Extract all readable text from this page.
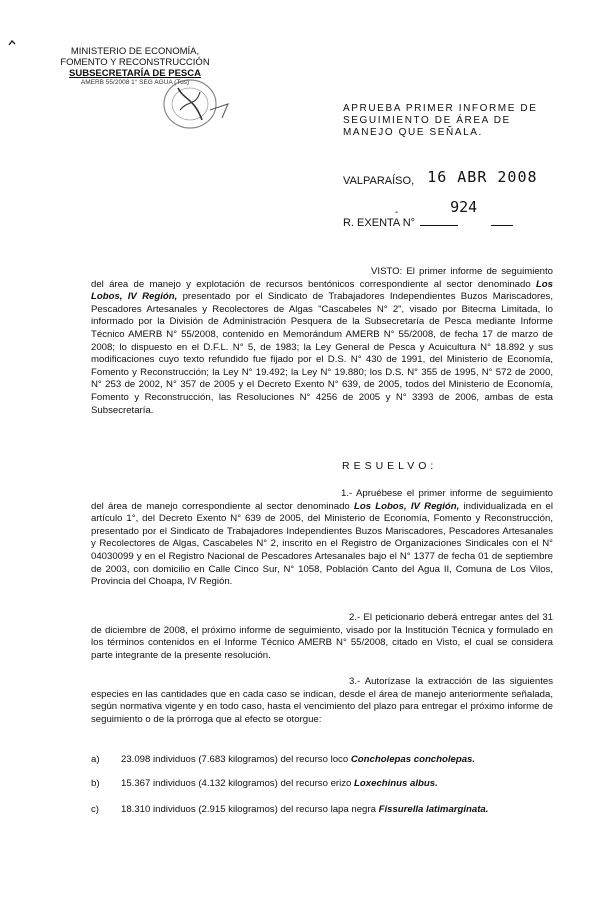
MINISTERIO DE ECONOMÍA,
FOMENTO Y RECONSTRUCCIÓN
SUBSECRETARÍA DE PESCA
AMERB 55/2008 1° SEG AGUA (Tus)
APRUEBA PRIMER INFORME DE SEGUIMIENTO DE ÁREA DE MANEJO QUE SEÑALA.
VALPARAÍSO, 16 ABR 2008
-
R. EXENTA N° 924
VISTO: El primer informe de seguimiento del área de manejo y explotación de recursos bentónicos correspondiente al sector denominado Los Lobos, IV Región, presentado por el Sindicato de Trabajadores Independientes Buzos Mariscadores, Pescadores Artesanales y Recolectores de Algas "Cascabeles N° 2", visado por Bitecma Limitada, lo informado por la División de Administración Pesquera de la Subsecretaría de Pesca mediante Informe Técnico AMERB N° 55/2008, contenido en Memorándum AMERB N° 55/2008, de fecha 17 de marzo de 2008; lo dispuesto en el D.F.L. N° 5, de 1983; la Ley General de Pesca y Acuicultura N° 18.892 y sus modificaciones cuyo texto refundido fue fijado por el D.S. N° 430 de 1991, del Ministerio de Economía, Fomento y Reconstrucción; la Ley N° 19.492; la Ley N° 19.880; los D.S. N° 355 de 1995, N° 572 de 2000, N° 253 de 2002, N° 357 de 2005 y el Decreto Exento N° 639, de 2005, todos del Ministerio de Economía, Fomento y Reconstrucción, las Resoluciones N° 4256 de 2005 y N° 3393 de 2006, ambas de esta Subsecretaría.
RESUELVO:
1.- Apruébese el primer informe de seguimiento del área de manejo correspondiente al sector denominado Los Lobos, IV Región, individualizada en el artículo 1°, del Decreto Exento N° 639 de 2005, del Ministerio de Economía, Fomento y Reconstrucción, presentado por el Sindicato de Trabajadores Independientes Buzos Mariscadores, Pescadores Artesanales y Recolectores de Algas, Cascabeles N° 2, inscrito en el Registro de Organizaciones Sindicales con el N° 04030099 y en el Registro Nacional de Pescadores Artesanales bajo el N° 1377 de fecha 01 de septiembre de 2003, con domicilio en Calle Cinco Sur, N° 1058, Población Canto del Agua II, Comuna de Los Vilos, Provincia del Choapa, IV Región.
2.- El peticionario deberá entregar antes del 31 de diciembre de 2008, el próximo informe de seguimiento, visado por la Institución Técnica y formulado en los términos contenidos en el Informe Técnico AMERB N° 55/2008, citado en Visto, el cual se considera parte integrante de la presente resolución.
3.- Autorízase la extracción de las siguientes especies en las cantidades que en cada caso se indican, desde el área de manejo anteriormente señalada, según normativa vigente y en todo caso, hasta el vencimiento del plazo para entregar el próximo informe de seguimiento o de la prórroga que al efecto se otorgue:
a) 23.098 individuos (7.683 kilogramos) del recurso loco Concholepas concholepas.
b) 15.367 individuos (4.132 kilogramos) del recurso erizo Loxechinus albus.
c) 18.310 individuos (2.915 kilogramos) del recurso lapa negra Fissurella latimarginata.
